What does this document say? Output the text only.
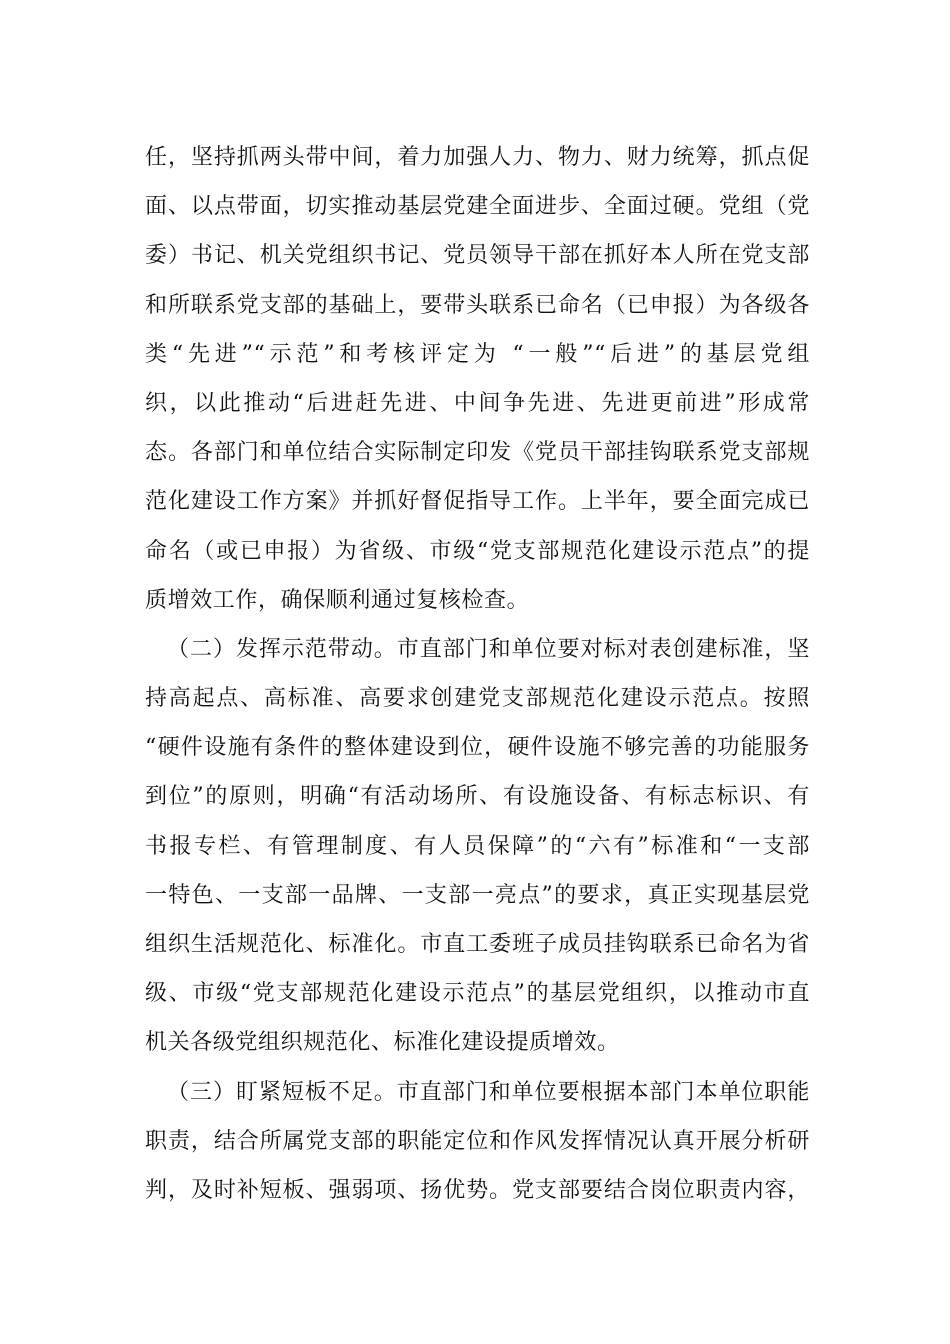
任，坚持抓两头带中间，着力加强人力、物力、财力统筹，抓点促
面、以点带面，切实推动基层党建全面进步、全面过硬。党组（党
委）书记、机关党组织书记、党员领导干部在抓好本人所在党支部
和所联系党支部的基础上，要带头联系已命名（已申报）为各级各
类“先进”“示范”和考核评定为 “一般”“后进”的基层党组
织，以此推动“后进赶先进、中间争先进、先进更前进”形成常
态。各部门和单位结合实际制定印发《党员干部挂钩联系党支部规
范化建设工作方案》并抓好督促指导工作。上半年，要全面完成已
命名（或已申报）为省级、市级“党支部规范化建设示范点”的提
质增效工作，确保顺利通过复核检查。
（二）发挥示范带动。市直部门和单位要对标对表创建标准，坚
持高起点、高标准、高要求创建党支部规范化建设示范点。按照
“硬件设施有条件的整体建设到位，硬件设施不够完善的功能服务
到位”的原则，明确“有活动场所、有设施设备、有标志标识、有
书报专栏、有管理制度、有人员保障”的“六有”标准和“一支部
一特色、一支部一品牌、一支部一亮点”的要求，真正实现基层党
组织生活规范化、标准化。市直工委班子成员挂钩联系已命名为省
级、市级“党支部规范化建设示范点”的基层党组织，以推动市直
机关各级党组织规范化、标准化建设提质增效。
（三）盯紧短板不足。市直部门和单位要根据本部门本单位职能
职责，结合所属党支部的职能定位和作风发挥情况认真开展分析研
判，及时补短板、强弱项、扬优势。党支部要结合岗位职责内容，
